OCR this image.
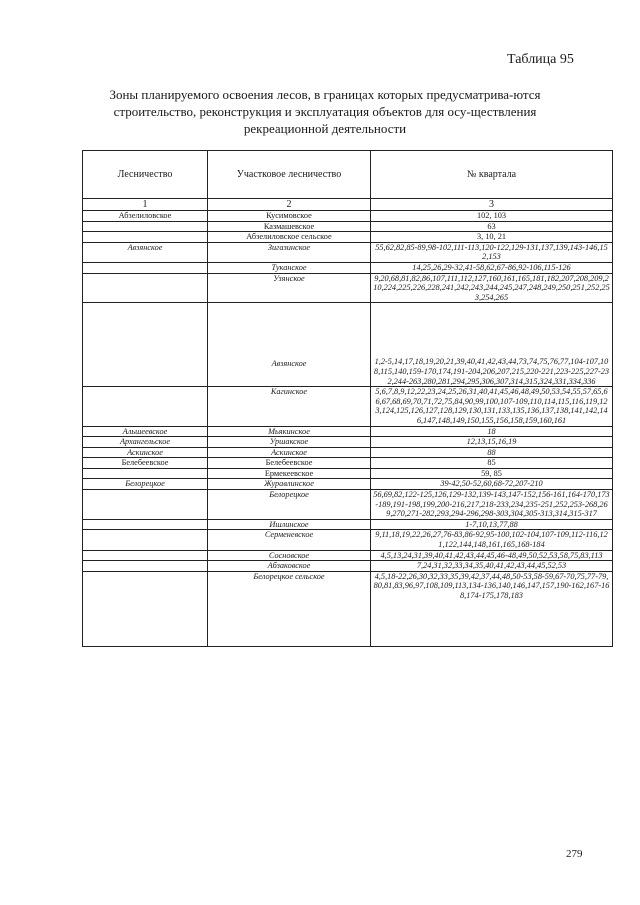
Таблица 95
Зоны планируемого освоения лесов, в границах которых предусматрива-ются строительство, реконструкция и эксплуатация объектов для осу-ществления рекреационной деятельности
Лесничество	Участковое лесничество	№ квартала
1	2	3
Абзелиловское	Кусимовское	102, 103
	Казмашевское	63
	Абзелиловское сельское	3, 10, 21
Авзянское	Зигазинское	55,62,82,85-89,98-102,111-113,120-122,129-131,137,139,143-146,152,153
	Туканское	14,25,26,29-32,41-58,62,67-86,92-106,115-126
	Узянское	9,20,68,81,82,86,107,111,112,127,160,161,165,181,182,207,208,209,210,224,225,226,228,241,242,243,244,245,247,248,249,250,251,252,253,254,265
	Авзянское	1,2-5,14,17,18,19,20,21,39,40,41,42,43,44,73,74,75,76,77,104-107,108,115,140,159-170,174,191-204,206,207,215,220-221,223-225,227-232,244-263,280,281,294,295,306,307,314,315,324,331,334,336
	Кагинское	5,6,7,8,9,12,22,23,24,25,26,31,40,41,45,46,48,49,50,53,54,55,57,65,66,67,68,69,70,71,72,75,84,90,99,100,107-109,110,114,115,116,119,123,124,125,126,127,128,129,130,131,133,135,136,137,138,141,142,146,147,148,149,150,155,156,158,159,160,161
Альшеевское	Мьякинское	18
Архангельское	Уршакское	12,13,15,16,19
Аскинское	Аскинское	88
Белебеевское	Белебеевское	85
	Ермекеевское	59, 85
Белорецкое	Журавлинское	39-42,50-52,60,68-72,207-210
	Белорецкое	56,69,82,122-125,126,129-132,139-143,147-152,156-161,164-170,173-189,191-198,199,200-216,217,218-233,234,235-251,252,253-268,269,270,271-282,293,294-296,298-303,304,305-313,314,315-317
	Ишлинское	1-7,10,13,77,88
	Серменевское	9,11,18,19,22,26,27,76-83,86-92,95-100,102-104,107-109,112-116,121,122,144,148,161,165,168-184
	Сосновское	4,5,13,24,31,39,40,41,42,43,44,45,46-48,49,50,52,53,58,75,83,113
	Абзаковское	7,24,31,32,33,34,35,40,41,42,43,44,45,52,53
	Белорецкое сельское	4,5,18-22,26,30,32,33,35,39,42,37,44,48,50-53,58-59,67-70,75,77-79,80,81,83,96,97,108,109,113,134-136,140,146,147,157,190-162,167-168,174-175,178,183
279
